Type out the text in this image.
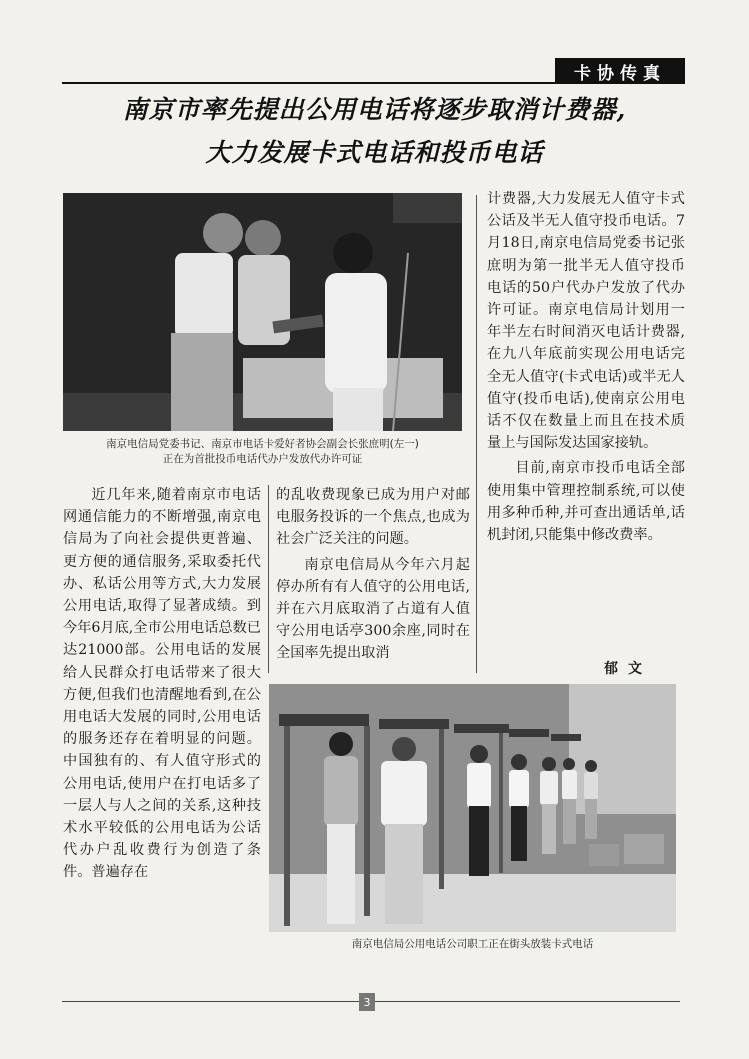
卡协传真
南京市率先提出公用电话将逐步取消计费器,
大力发展卡式电话和投币电话
南京电信局党委书记、南京市电话卡爱好者协会副会长张庶明(左一)
正在为首批投币电话代办户发放代办许可证

计费器,大力发展无人值守卡式公话及半无人值守投币电话。7月18日,南京电信局党委书记张庶明为第一批半无人值守投币电话的50户代办户发放了代办许可证。南京电信局计划用一年半左右时间消灭电话计费器,在九八年底前实现公用电话完全无人值守(卡式电话)或半无人值守(投币电话),使南京公用电话不仅在数量上而且在技术质量上与国际发达国家接轨。

目前,南京市投币电话全部使用集中管理控制系统,可以使用多种币种,并可查出通话单,话机封闭,只能集中修改费率。

郁文

近几年来,随着南京市电话网通信能力的不断增强,南京电信局为了向社会提供更普遍、更方便的通信服务,采取委托代办、私话公用等方式,大力发展公用电话,取得了显著成绩。到今年6月底,全市公用电话总数已达21000部。公用电话的发展给人民群众打电话带来了很大方便,但我们也清醒地看到,在公用电话大发展的同时,公用电话的服务还存在着明显的问题。中国独有的、有人值守形式的公用电话,使用户在打电话多了一层人与人之间的关系,这种技术水平较低的公用电话为公话代办户乱收费行为创造了条件。普遍存在

的乱收费现象已成为用户对邮电服务投诉的一个焦点,也成为社会广泛关注的问题。

南京电信局从今年六月起停办所有有人值守的公用电话,并在六月底取消了占道有人值守公用电话亭300余座,同时在全国率先提出取消

南京电信局公用电话公司职工正在街头放装卡式电话
3
